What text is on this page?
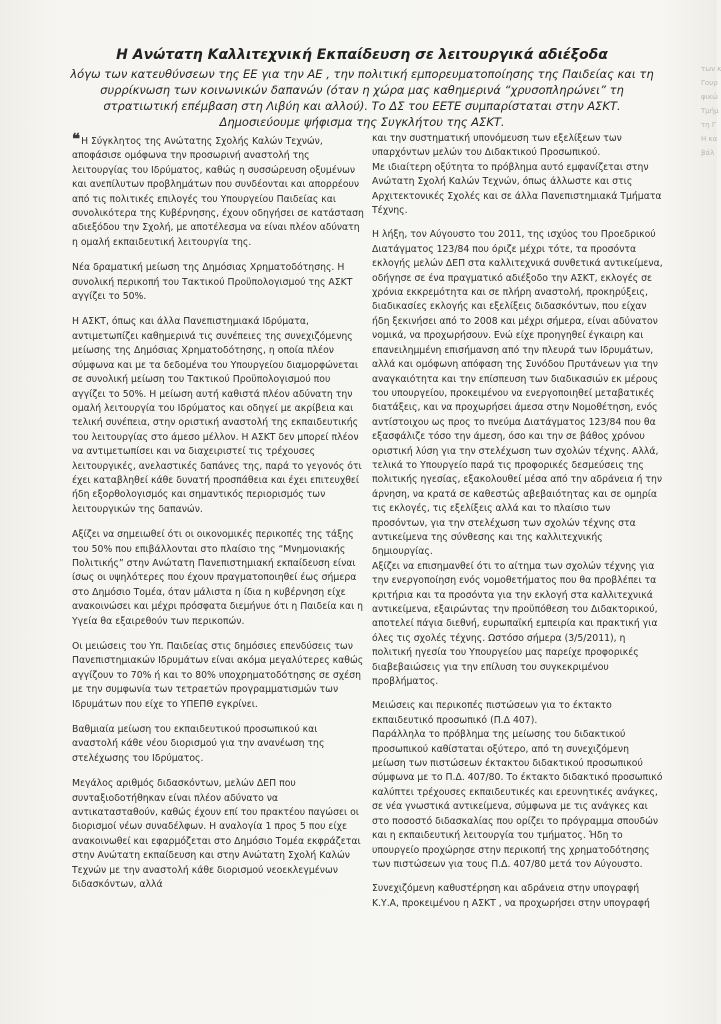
των κ
Γουρ
φικώ
Τμήμ
τη Γ
Η κα
βάλ
Η Ανώτατη Καλλιτεχνική Εκπαίδευση σε λειτουργικά αδιέξοδα

λόγω των κατευθύνσεων της ΕΕ για την ΑΕ , την πολιτική εμπορευματοποίησης της Παιδείας και τη συρρίκνωση των κοινωνικών δαπανών (όταν η χώρα μας καθημερινά “χρυσοπληρώνει” τη στρατιωτική επέμβαση στη Λιβύη και αλλού). Το ΔΣ του ΕΕΤΕ συμπαρίσταται στην ΑΣΚΤ. Δημοσιεύουμε ψήφισμα της Συγκλήτου της ΑΣΚΤ.

❝Η Σύγκλητος της Ανώτατης Σχολής Καλών Τεχνών, αποφάσισε ομόφωνα την προσωρινή αναστολή της λειτουργίας του Ιδρύματος, καθώς η συσσώρευση οξυμένων και ανεπίλυτων προβλημάτων που συνδέονται και απορρέουν από τις πολιτικές επιλογές του Υπουργείου Παιδείας και συνολικότερα της Κυβέρνησης, έχουν οδηγήσει σε κατάσταση αδιεξόδου την Σχολή, με αποτέλεσμα να είναι πλέον αδύνατη η ομαλή εκπαιδευτική λειτουργία της.

Νέα δραματική μείωση της Δημόσιας Χρηματοδότησης. Η συνολική περικοπή του Τακτικού Προϋπολογισμού της ΑΣΚΤ αγγίζει το 50%.

Η ΑΣΚΤ, όπως και άλλα Πανεπιστημιακά Ιδρύματα, αντιμετωπίζει καθημερινά τις συνέπειες της συνεχιζόμενης μείωσης της Δημόσιας Χρηματοδότησης, η οποία πλέον σύμφωνα και με τα δεδομένα του Υπουργείου διαμορφώνεται σε συνολική μείωση του Τακτικού Προϋπολογισμού που αγγίζει το 50%. Η μείωση αυτή καθιστά πλέον αδύνατη την ομαλή λειτουργία του Ιδρύματος και οδηγεί με ακρίβεια και τελική συνέπεια, στην οριστική αναστολή της εκπαιδευτικής του λειτουργίας στο άμεσο μέλλον. Η ΑΣΚΤ δεν μπορεί πλέον να αντιμετωπίσει και να διαχειριστεί τις τρέχουσες λειτουργικές, ανελαστικές δαπάνες της, παρά το γεγονός ότι έχει καταβληθεί κάθε δυνατή προσπάθεια και έχει επιτευχθεί ήδη εξορθολογισμός και σημαντικός περιορισμός των λειτουργικών της δαπανών.

Αξίζει να σημειωθεί ότι οι οικονομικές περικοπές της τάξης του 50% που επιβάλλονται στο πλαίσιο της “Μνημονιακής Πολιτικής” στην Ανώτατη Πανεπιστημιακή εκπαίδευση είναι ίσως οι υψηλότερες που έχουν πραγματοποιηθεί έως σήμερα στο Δημόσιο Τομέα, όταν μάλιστα η ίδια η κυβέρνηση είχε ανακοινώσει και μέχρι πρόσφατα διεμήνυε ότι η Παιδεία και η Υγεία θα εξαιρεθούν των περικοπών.

Οι μειώσεις του Υπ. Παιδείας στις δημόσιες επενδύσεις των Πανεπιστημιακών Ιδρυμάτων είναι ακόμα μεγαλύτερες καθώς αγγίζουν το 70% ή και το 80% υποχρηματοδότησης σε σχέση με την συμφωνία των τετραετών προγραμματισμών των Ιδρυμάτων που είχε το ΥΠΕΠΘ εγκρίνει.

Βαθμιαία μείωση του εκπαιδευτικού προσωπικού και αναστολή κάθε νέου διορισμού για την ανανέωση της στελέχωσης του Ιδρύματος.

Μεγάλος αριθμός διδασκόντων, μελών ΔΕΠ που συνταξιοδοτήθηκαν είναι πλέον αδύνατο να αντικατασταθούν, καθώς έχουν επί του πρακτέου παγώσει οι διορισμοί νέων συναδέλφων. Η αναλογία 1 προς 5 που είχε ανακοινωθεί και εφαρμόζεται στο Δημόσιο Τομέα εκφράζεται στην Ανώτατη εκπαίδευση και στην Ανώτατη Σχολή Καλών Τεχνών με την αναστολή κάθε διορισμού νεοεκλεγμένων διδασκόντων, αλλά

και την συστηματική υπονόμευση των εξελίξεων των υπαρχόντων μελών του Διδακτικού Προσωπικού.

Με ιδιαίτερη οξύτητα το πρόβλημα αυτό εμφανίζεται στην Ανώτατη Σχολή Καλών Τεχνών, όπως άλλωστε και στις Αρχιτεκτονικές Σχολές και σε άλλα Πανεπιστημιακά Τμήματα Τέχνης.

Η λήξη, τον Αύγουστο του 2011, της ισχύος του Προεδρικού Διατάγματος 123/84 που όριζε μέχρι τότε, τα προσόντα εκλογής μελών ΔΕΠ στα καλλιτεχνικά συνθετικά αντικείμενα, οδήγησε σε ένα πραγματικό αδιέξοδο την ΑΣΚΤ, εκλογές σε χρόνια εκκρεμότητα και σε πλήρη αναστολή, προκηρύξεις, διαδικασίες εκλογής και εξελίξεις διδασκόντων, που είχαν ήδη ξεκινήσει από το 2008 και μέχρι σήμερα, είναι αδύνατον νομικά, να προχωρήσουν. Ενώ είχε προηγηθεί έγκαιρη και επανειλημμένη επισήμανση από την πλευρά των Ιδρυμάτων, αλλά και ομόφωνη απόφαση της Συνόδου Πρυτάνεων για την αναγκαιότητα και την επίσπευση των διαδικασιών εκ μέρους του υπουργείου, προκειμένου να ενεργοποιηθεί μεταβατικές διατάξεις, και να προχωρήσει άμεσα στην Νομοθέτηση, ενός αντίστοιχου ως προς το πνεύμα Διατάγματος 123/84 που θα εξασφάλιζε τόσο την άμεση, όσο και την σε βάθος χρόνου οριστική λύση για την στελέχωση των σχολών τέχνης. Αλλά, τελικά το Υπουργείο παρά τις προφορικές δεσμεύσεις της πολιτικής ηγεσίας, εξακολουθεί μέσα από την αδράνεια ή την άρνηση, να κρατά σε καθεστώς αβεβαιότητας και σε ομηρία τις εκλογές, τις εξελίξεις αλλά και το πλαίσιο των προσόντων, για την στελέχωση των σχολών τέχνης στα αντικείμενα της σύνθεσης και της καλλιτεχνικής δημιουργίας.

Αξίζει να επισημανθεί ότι το αίτημα των σχολών τέχνης για την ενεργοποίηση ενός νομοθετήματος που θα προβλέπει τα κριτήρια και τα προσόντα για την εκλογή στα καλλιτεχνικά αντικείμενα, εξαιρώντας την προϋπόθεση του Διδακτορικού, αποτελεί πάγια διεθνή, ευρωπαϊκή εμπειρία και πρακτική για όλες τις σχολές τέχνης. Ωστόσο σήμερα (3/5/2011), η πολιτική ηγεσία του Υπουργείου μας παρείχε προφορικές διαβεβαιώσεις για την επίλυση του συγκεκριμένου προβλήματος.

Μειώσεις και περικοπές πιστώσεων για το έκτακτο εκπαιδευτικό προσωπικό (Π.Δ 407).

Παράλληλα το πρόβλημα της μείωσης του διδακτικού προσωπικού καθίσταται οξύτερο, από τη συνεχιζόμενη μείωση των πιστώσεων έκτακτου διδακτικού προσωπικού σύμφωνα με το Π.Δ. 407/80. Το έκτακτο διδακτικό προσωπικό καλύπτει τρέχουσες εκπαιδευτικές και ερευνητικές ανάγκες, σε νέα γνωστικά αντικείμενα, σύμφωνα με τις ανάγκες και στο ποσοστό διδασκαλίας που ορίζει το πρόγραμμα σπουδών και η εκπαιδευτική λειτουργία του τμήματος. Ήδη το υπουργείο προχώρησε στην περικοπή της χρηματοδότησης των πιστώσεων για τους Π.Δ. 407/80 μετά τον Αύγουστο.

Συνεχιζόμενη καθυστέρηση και αδράνεια στην υπογραφή Κ.Υ.Α, προκειμένου η ΑΣΚΤ , να προχωρήσει στην υπογραφή
